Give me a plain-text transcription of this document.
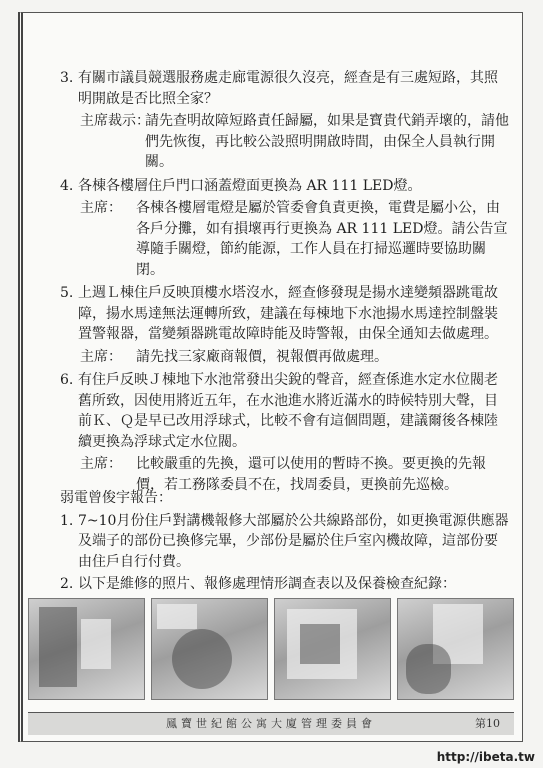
3. 有關市議員競選服務處走廊電源很久沒亮，經查是有三處短路，其照明開啟是否比照全家？
主席裁示：
請先查明故障短路責任歸屬，如果是寶貴代銷弄壞的，請他們先恢復，再比較公設照明開啟時間，由保全人員執行開關。
4. 各棟各樓層住戶門口涵蓋燈面更換為 AR 111 LED燈。
主席： 各棟各樓層電燈是屬於管委會負責更換，電費是屬小公，由各戶分攤，如有損壞再行更換為 AR 111 LED燈。請公告宣導隨手關燈，節約能源，工作人員在打掃巡邏時要協助關閉。
5. 上週Ｌ棟住戶反映頂樓水塔沒水，經查修發現是揚水達變頻器跳電故障，揚水馬達無法運轉所致，建議在每棟地下水池揚水馬達控制盤裝置警報器，當變頻器跳電故障時能及時警報，由保全通知去做處理。
主席： 請先找三家廠商報價，視報價再做處理。
6. 有住戶反映Ｊ棟地下水池常發出尖銳的聲音，經查係進水定水位閥老舊所致，因使用將近五年，在水池進水將近滿水的時候特別大聲，目前Ｋ、Ｑ是早已改用浮球式，比較不會有這個問題，建議爾後各棟陸續更換為浮球式定水位閥。
主席： 比較嚴重的先換，還可以使用的暫時不換。要更換的先報價，若工務隊委員不在，找周委員，更換前先巡檢。
弱電曾俊宇報告：
1. 7~10月份住戶對講機報修大部屬於公共線路部份，如更換電源供應器及端子的部份已換修完畢，少部份是屬於住戶室內機故障，這部份要由住戶自行付費。
2. 以下是維修的照片、報修處理情形調查表以及保養檢查紀錄：
鳳寶世紀館公寓大廈管理委員會	第10
http://ibeta.tw
